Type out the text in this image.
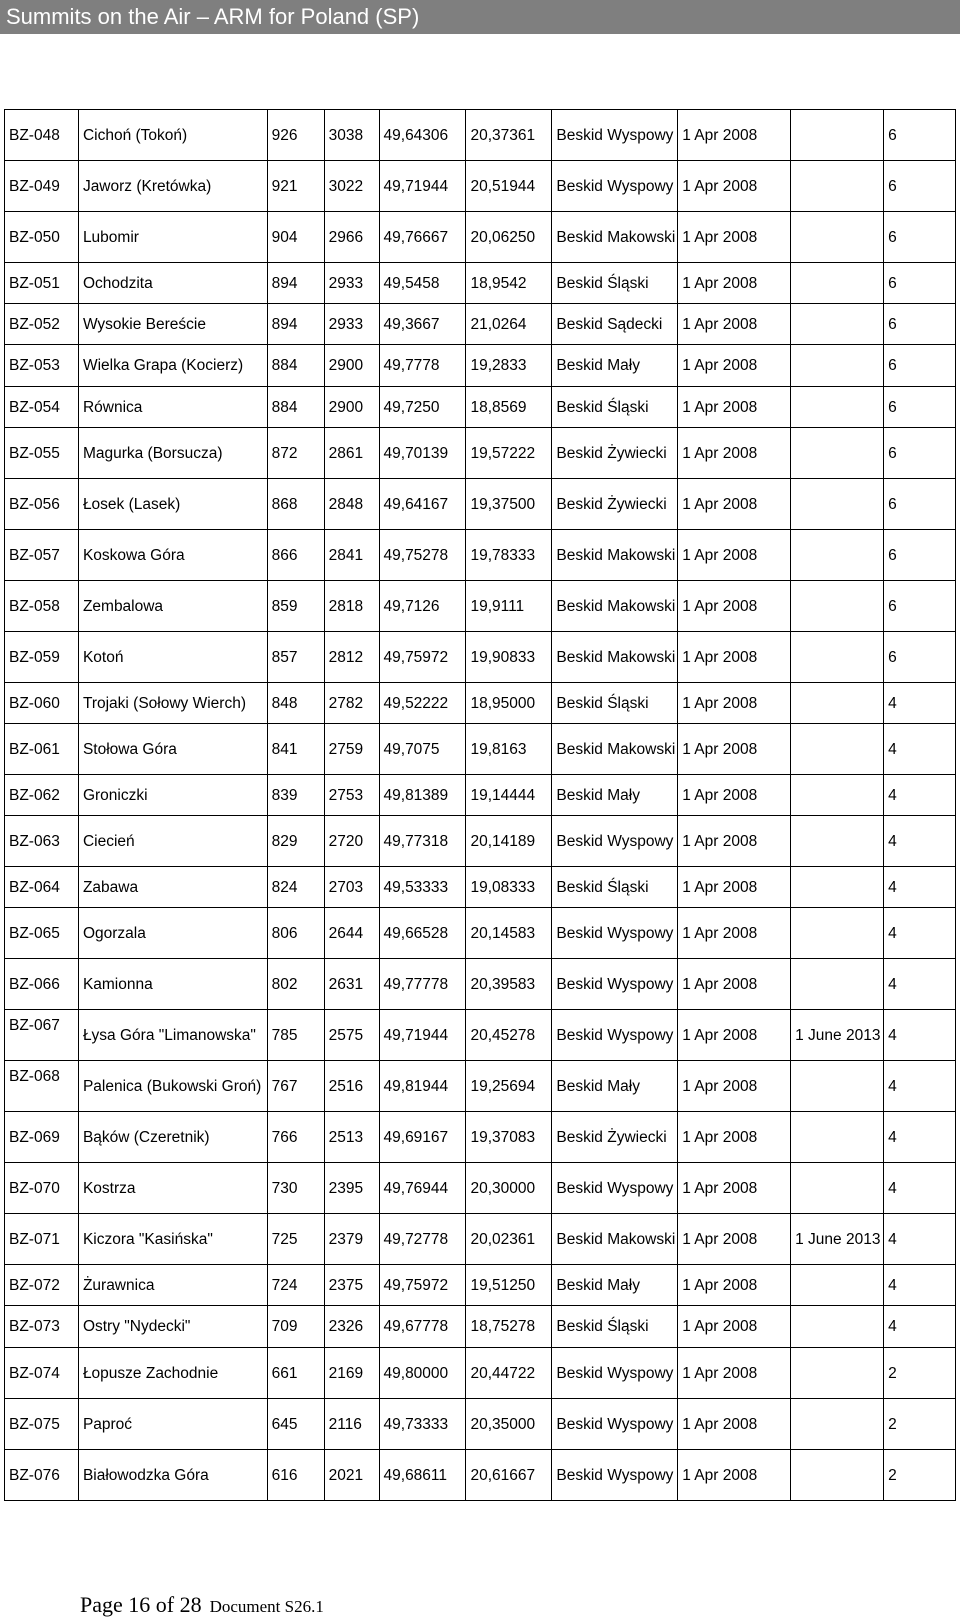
Summits on the Air – ARM for Poland (SP)
BZ-048	Cichoń (Tokoń)	926	3038	49,64306	20,37361	Beskid Wyspowy	1 Apr 2008		6
BZ-049	Jaworz (Kretówka)	921	3022	49,71944	20,51944	Beskid Wyspowy	1 Apr 2008		6
BZ-050	Lubomir	904	2966	49,76667	20,06250	Beskid Makowski	1 Apr 2008		6
BZ-051	Ochodzita	894	2933	49,5458	18,9542	Beskid Śląski	1 Apr 2008		6
BZ-052	Wysokie Bereście	894	2933	49,3667	21,0264	Beskid Sądecki	1 Apr 2008		6
BZ-053	Wielka Grapa (Kocierz)	884	2900	49,7778	19,2833	Beskid Mały	1 Apr 2008		6
BZ-054	Równica	884	2900	49,7250	18,8569	Beskid Śląski	1 Apr 2008		6
BZ-055	Magurka (Borsucza)	872	2861	49,70139	19,57222	Beskid Żywiecki	1 Apr 2008		6
BZ-056	Łosek (Lasek)	868	2848	49,64167	19,37500	Beskid Żywiecki	1 Apr 2008		6
BZ-057	Koskowa Góra	866	2841	49,75278	19,78333	Beskid Makowski	1 Apr 2008		6
BZ-058	Zembalowa	859	2818	49,7126	19,9111	Beskid Makowski	1 Apr 2008		6
BZ-059	Kotoń	857	2812	49,75972	19,90833	Beskid Makowski	1 Apr 2008		6
BZ-060	Trojaki (Sołowy Wierch)	848	2782	49,52222	18,95000	Beskid Śląski	1 Apr 2008		4
BZ-061	Stołowa Góra	841	2759	49,7075	19,8163	Beskid Makowski	1 Apr 2008		4
BZ-062	Groniczki	839	2753	49,81389	19,14444	Beskid Mały	1 Apr 2008		4
BZ-063	Ciecień	829	2720	49,77318	20,14189	Beskid Wyspowy	1 Apr 2008		4
BZ-064	Zabawa	824	2703	49,53333	19,08333	Beskid Śląski	1 Apr 2008		4
BZ-065	Ogorzala	806	2644	49,66528	20,14583	Beskid Wyspowy	1 Apr 2008		4
BZ-066	Kamionna	802	2631	49,77778	20,39583	Beskid Wyspowy	1 Apr 2008		4
BZ-067	Łysa Góra "Limanowska"	785	2575	49,71944	20,45278	Beskid Wyspowy	1 Apr 2008	1 June 2013	4
BZ-068	Palenica (Bukowski Groń)	767	2516	49,81944	19,25694	Beskid Mały	1 Apr 2008		4
BZ-069	Bąków (Czeretnik)	766	2513	49,69167	19,37083	Beskid Żywiecki	1 Apr 2008		4
BZ-070	Kostrza	730	2395	49,76944	20,30000	Beskid Wyspowy	1 Apr 2008		4
BZ-071	Kiczora "Kasińska"	725	2379	49,72778	20,02361	Beskid Makowski	1 Apr 2008	1 June 2013	4
BZ-072	Żurawnica	724	2375	49,75972	19,51250	Beskid Mały	1 Apr 2008		4
BZ-073	Ostry "Nydecki"	709	2326	49,67778	18,75278	Beskid Śląski	1 Apr 2008		4
BZ-074	Łopusze Zachodnie	661	2169	49,80000	20,44722	Beskid Wyspowy	1 Apr 2008		2
BZ-075	Paproć	645	2116	49,73333	20,35000	Beskid Wyspowy	1 Apr 2008		2
BZ-076	Białowodzka Góra	616	2021	49,68611	20,61667	Beskid Wyspowy	1 Apr 2008		2
Page 16 of 28 Document S26.1
